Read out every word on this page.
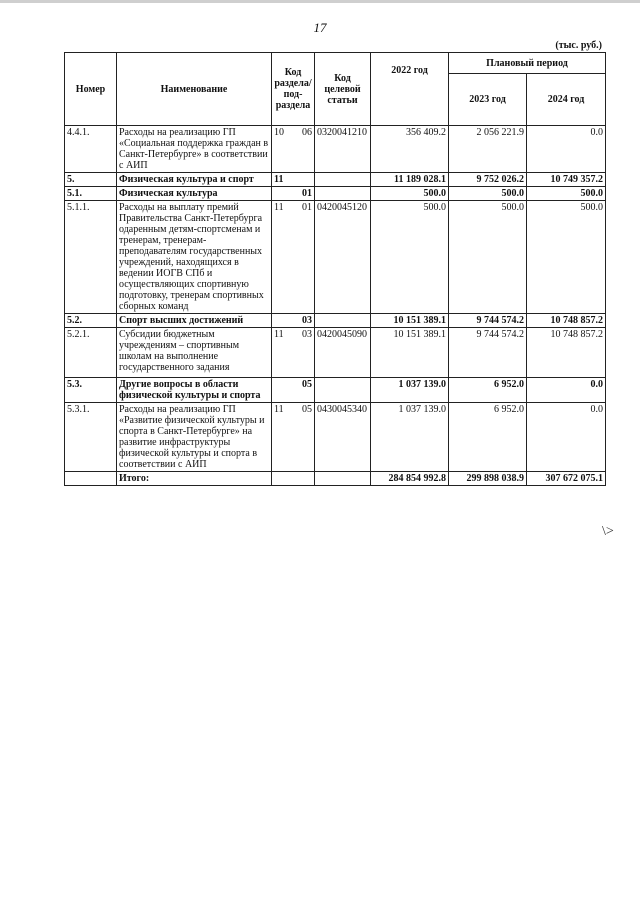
17
(тыс. руб.)
Номер	Наименование	Код раздела/ под-раздела	Код целевой статьи	2022 год	Плановый период	
					2023 год	2024 год
4.4.1.	Расходы на реализацию ГП «Социальная поддержка граждан в Санкт-Петербурге» в соответствии с АИП	10 06	0320041210	356 409.2	2 056 221.9	0.0
5.	Физическая культура и спорт	11		11 189 028.1	9 752 026.2	10 749 357.2
5.1.	Физическая культура	01		500.0	500.0	500.0
5.1.1.	Расходы на выплату премий Правительства Санкт-Петербурга одаренным детям-спортсменам и тренерам, тренерам-преподавателям государственных учреждений, находящихся в ведении ИОГВ СПб и осуществляющих спортивную подготовку, тренерам спортивных сборных команд	11 01	0420045120	500.0	500.0	500.0
5.2.	Спорт высших достижений	03		10 151 389.1	9 744 574.2	10 748 857.2
5.2.1.	Субсидии бюджетным учреждениям – спортивным школам на выполнение государственного задания	11 03	0420045090	10 151 389.1	9 744 574.2	10 748 857.2
5.3.	Другие вопросы в области физической культуры и спорта	05		1 037 139.0	6 952.0	0.0
5.3.1.	Расходы на реализацию ГП «Развитие физической культуры и спорта в Санкт-Петербурге» на развитие инфраструктуры физической культуры и спорта в соответствии с АИП	11 05	0430045340	1 037 139.0	6 952.0	0.0
	Итого:			284 854 992.8	299 898 038.9	307 672 075.1
\>
